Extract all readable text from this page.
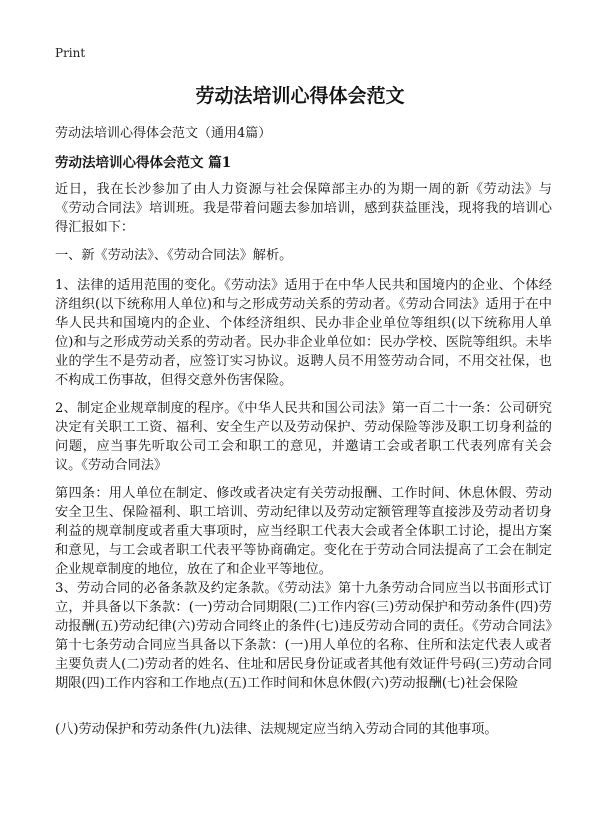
Print
劳动法培训心得体会范文
劳动法培训心得体会范文（通用4篇）
劳动法培训心得体会范文 篇1

近日，我在长沙参加了由人力资源与社会保障部主办的为期一周的新《劳动法》与《劳动合同法》培训班。我是带着问题去参加培训，感到获益匪浅，现将我的培训心得汇报如下：

一、新《劳动法》、《劳动合同法》解析。

1、法律的适用范围的变化。《劳动法》适用于在中华人民共和国境内的企业、个体经济组织(以下统称用人单位)和与之形成劳动关系的劳动者。《劳动合同法》适用于在中华人民共和国境内的企业、个体经济组织、民办非企业单位等组织(以下统称用人单位)和与之形成劳动关系的劳动者。民办非企业单位如：民办学校、医院等组织。未毕业的学生不是劳动者，应签订实习协议。返聘人员不用签劳动合同，不用交社保，也不构成工伤事故，但得交意外伤害保险。

2、制定企业规章制度的程序。《中华人民共和国公司法》第一百二十一条：公司研究决定有关职工工资、福利、安全生产以及劳动保护、劳动保险等涉及职工切身利益的问题，应当事先听取公司工会和职工的意见，并邀请工会或者职工代表列席有关会议。《劳动合同法》

第四条：用人单位在制定、修改或者决定有关劳动报酬、工作时间、休息休假、劳动安全卫生、保险福利、职工培训、劳动纪律以及劳动定额管理等直接涉及劳动者切身利益的规章制度或者重大事项时，应当经职工代表大会或者全体职工讨论，提出方案和意见，与工会或者职工代表平等协商确定。变化在于劳动合同法提高了工会在制定企业规章制度的地位，放在了和企业平等地位。

3、劳动合同的必备条款及约定条款。《劳动法》第十九条劳动合同应当以书面形式订立，并具备以下条款：(一)劳动合同期限(二)工作内容(三)劳动保护和劳动条件(四)劳动报酬(五)劳动纪律(六)劳动合同终止的条件(七)违反劳动合同的责任。《劳动合同法》第十七条劳动合同应当具备以下条款：(一)用人单位的名称、住所和法定代表人或者主要负责人(二)劳动者的姓名、住址和居民身份证或者其他有效证件号码(三)劳动合同期限(四)工作内容和工作地点(五)工作时间和休息休假(六)劳动报酬(七)社会保险

(八)劳动保护和劳动条件(九)法律、法规规定应当纳入劳动合同的其他事项。
